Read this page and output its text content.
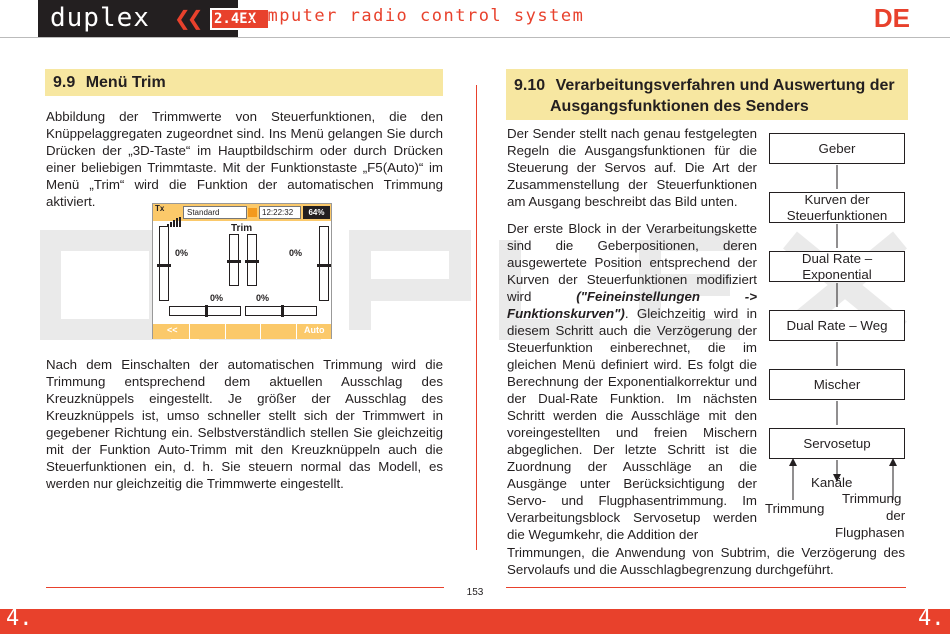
duplex ❮❮ 2.4EX
computer radio control system	DE
9.9 Menü Trim

Abbildung der Trimmwerte von Steuerfunktionen, die den Knüppelaggregaten zugeordnet sind. Ins Menü gelangen Sie durch Drücken der „3D-Taste“ im Hauptbildschirm oder durch Drücken einer beliebigen Trimmtaste. Mit der Funktionstaste „F5(Auto)“ im Menü „Trim“ wird die Funktion der automatischen Trimmung aktiviert.	Tx	Standard	12:22:32	64%
Trim
0%	0%
0%	0%
<<	Auto

Nach dem Einschalten der automatischen Trimmung wird die Trimmung entsprechend dem aktuellen Ausschlag des Kreuzknüppels eingestellt. Je größer der Ausschlag des Kreuzknüppels ist, umso schneller stellt sich der Trimmwert in gegebener Richtung ein. Selbstverständlich stellen Sie gleichzeitig mit der Funktion Auto-Trimm mit den Kreuzknüppeln auch die Steuerfunktionen ein, d. h. Sie steuern normal das Modell, es werden nur gleichzeitig die Trimmwerte eingestellt.

9.10 Verarbeitungsverfahren und Auswertung der
Ausgangsfunktionen des Senders

Der Sender stellt nach genau festgelegten Regeln die Ausgangsfunktionen für die Steuerung der Servos auf. Die Art der Zusammenstellung der Steuerfunktionen am Ausgang beschreibt das Bild unten.

Der erste Block in der Verarbeitungskette sind die Geberpositionen, deren ausgewertete Position entsprechend der Kurven der Steuerfunktionen modifiziert wird ("Feineinstellungen -> Funktionskurven"). Gleichzeitig wird in diesem Schritt auch die Verzögerung der Steuerfunktion einberechnet, die im gleichen Menü definiert wird. Es folgt die Berechnung der Exponentialkorrektur und der Dual-Rate Funktion. Im nächsten Schritt werden die Ausschläge mit den voreingestellten und freien Mischern abgeglichen. Der letzte Schritt ist die Zuordnung der Ausschläge an die Ausgänge unter Berücksichtigung der Servo- und Flugphasentrimmung. Im Verarbeitungsblock Servosetup werden die Wegumkehr, die Addition der

Trimmungen, die Anwendung von Subtrim, die Verzögerung des Servolaufs und die Ausschlagbegrenzung durchgeführt.

Geber
Kurven der Steuerfunktionen
Dual Rate – Exponential
Dual Rate – Weg
Mischer
Servosetup
Kanäle
Trimmung
Trimmung
der
Flugphasen
153
4.	4.
